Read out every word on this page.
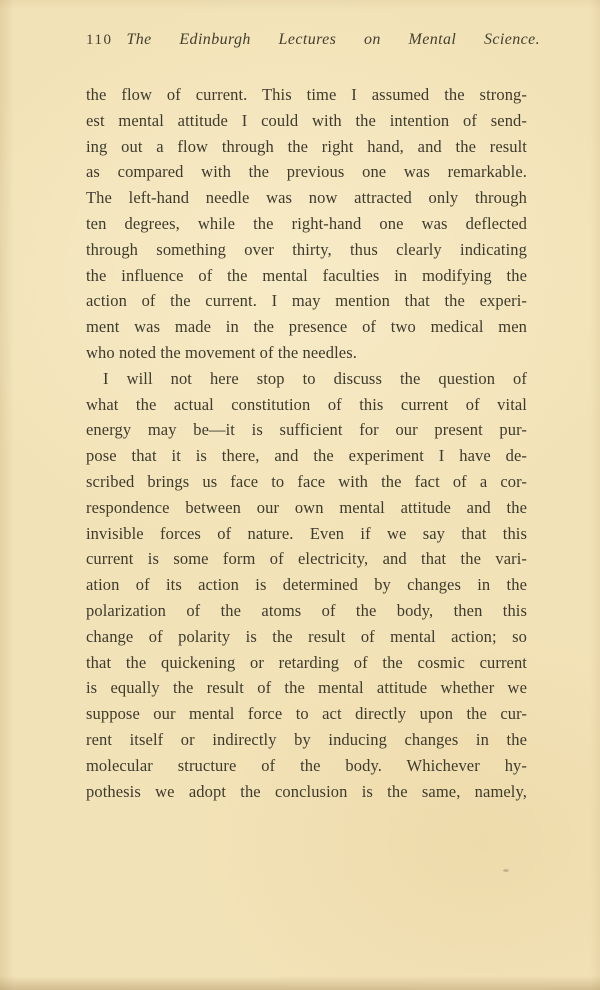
110 The Edinburgh Lectures on Mental Science.
the flow of current. This time I assumed the strong-
est mental attitude I could with the intention of send-
ing out a flow through the right hand, and the result
as compared with the previous one was remarkable.
The left-hand needle was now attracted only through
ten degrees, while the right-hand one was deflected
through something over thirty, thus clearly indicating
the influence of the mental faculties in modifying the
action of the current. I may mention that the experi-
ment was made in the presence of two medical men
who noted the movement of the needles.
I will not here stop to discuss the question of
what the actual constitution of this current of vital
energy may be—it is sufficient for our present pur-
pose that it is there, and the experiment I have de-
scribed brings us face to face with the fact of a cor-
respondence between our own mental attitude and the
invisible forces of nature. Even if we say that this
current is some form of electricity, and that the vari-
ation of its action is determined by changes in the
polarization of the atoms of the body, then this
change of polarity is the result of mental action; so
that the quickening or retarding of the cosmic current
is equally the result of the mental attitude whether we
suppose our mental force to act directly upon the cur-
rent itself or indirectly by inducing changes in the
molecular structure of the body. Whichever hy-
pothesis we adopt the conclusion is the same, namely,
